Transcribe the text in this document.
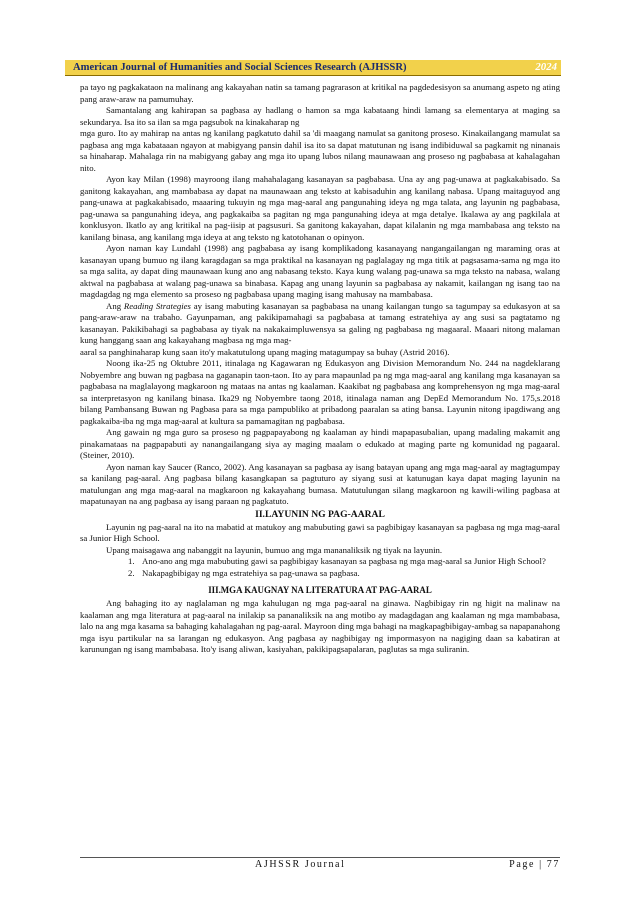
American Journal of Humanities and Social Sciences Research (AJHSSR)	2024

pa tayo ng pagkakataon na malinang ang kakayahan natin sa tamang pagrarason at kritikal na pagdedesisyon sa anumang aspeto ng ating pang araw-araw na pamumuhay.

Samantalang ang kahirapan sa pagbasa ay hadlang o hamon sa mga kabataang hindi lamang sa elementarya at maging sa sekundarya. Isa ito sa ilan sa mga pagsubok na kinakaharap ng

mga guro. Ito ay mahirap na antas ng kanilang pagkatuto dahil sa 'di maagang namulat sa ganitong proseso. Kinakailangang mamulat sa pagbasa ang mga kabataaan ngayon at mabigyang pansin dahil isa ito sa dapat matutunan ng isang indibiduwal sa pagkamit ng ninanais sa hinaharap. Mahalaga rin na mabigyang gabay ang mga ito upang lubos nilang maunawaan ang proseso ng pagbabasa at kahalagahan nito.

Ayon kay Milan (1998) mayroong ilang mahahalagang kasanayan sa pagbabasa. Una ay ang pag-unawa at pagkakabisado. Sa ganitong kakayahan, ang mambabasa ay dapat na maunawaan ang teksto at kabisaduhin ang kanilang nabasa. Upang maitaguyod ang pang-unawa at pagkakabisado, maaaring tukuyin ng mga mag-aaral ang pangunahing ideya ng mga talata, ang layunin ng pagbabasa, pag-unawa sa pangunahing ideya, ang pagkakaiba sa pagitan ng mga pangunahing ideya at mga detalye. Ikalawa ay ang pagkilala at konklusyon. Ikatlo ay ang kritikal na pag-iisip at pagsusuri. Sa ganitong kakayahan, dapat kilalanin ng mga mambabasa ang teksto na kanilang binasa, ang kanilang mga ideya at ang teksto ng katotohanan o opinyon.

Ayon naman kay Lundahl (1998) ang pagbabasa ay isang komplikadong kasanayang nangangailangan ng maraming oras at kasanayan upang bumuo ng ilang karagdagan sa mga praktikal na kasanayan ng paglalagay ng mga titik at pagsasama-sama ng mga ito sa mga salita, ay dapat ding maunawaan kung ano ang nabasang teksto. Kaya kung walang pag-unawa sa mga teksto na nabasa, walang aktwal na pagbabasa at walang pag-unawa sa binabasa. Kapag ang unang layunin sa pagbabasa ay nakamit, kailangan ng isang tao na magdagdag ng mga elemento sa proseso ng pagbabasa upang maging isang mahusay na mambabasa.

Ang Reading Strategies ay isang mabuting kasanayan sa pagbabasa na unang kailangan tungo sa tagumpay sa edukasyon at sa pang-araw-araw na trabaho. Gayunpaman, ang pakikipamahagi sa pagbabasa at tamang estratehiya ay ang susi sa pagtatamo ng kasanayan. Pakikibahagi sa pagbabasa ay tiyak na nakakaimpluwensya sa galing ng pagbabasa ng magaaral. Maaari nitong malaman kung hanggang saan ang kakayahang magbasa ng mga mag-

aaral sa panghinaharap kung saan ito'y makatutulong upang maging matagumpay sa buhay (Astrid 2016).

Noong ika-25 ng Oktubre 2011, itinalaga ng Kagawaran ng Edukasyon ang Division Memorandum No. 244 na nagdeklarang Nobyembre ang buwan ng pagbasa na gaganapin taon-taon. Ito ay para mapaunlad pa ng mga mag-aaral ang kanilang mga kasanayan sa pagbabasa na maglalayong magkaroon ng mataas na antas ng kaalaman. Kaakibat ng pagbabasa ang komprehensyon ng mga mag-aaral sa interpretasyon ng kanilang binasa. Ika29 ng Nobyembre taong 2018, itinalaga naman ang DepEd Memorandum No. 175,s.2018 bilang Pambansang Buwan ng Pagbasa para sa mga pampubliko at pribadong paaralan sa ating bansa. Layunin nitong ipagdiwang ang pagkakaiba-iba ng mga mag-aaral at kultura sa pamamagitan ng pagbabasa.

Ang gawain ng mga guro sa proseso ng pagpapayabong ng kaalaman ay hindi mapapasubalian, upang madaling makamit ang pinakamataas na pagpapabuti ay nanangailangang siya ay maging maalam o edukado at maging parte ng komunidad ng pagaaral. (Steiner, 2010).

Ayon naman kay Saucer (Ranco, 2002). Ang kasanayan sa pagbasa ay isang batayan upang ang mga mag-aaral ay magtagumpay sa kanilang pag-aaral. Ang pagbasa bilang kasangkapan sa pagtuturo ay siyang susi at katunugan kaya dapat maging layunin na matulungan ang mga mag-aaral na magkaroon ng kakayahang bumasa. Matutulungan silang magkaroon ng kawili-wiling pagbasa at mapatunayan na ang pagbasa ay isang paraan ng pagkatuto.

II.LAYUNIN NG PAG-AARAL

Layunin ng pag-aaral na ito na mabatid at matukoy ang mabubuting gawi sa pagbibigay kasanayan sa pagbasa ng mga mag-aaral sa Junior High School.

Upang maisagawa ang nabanggit na layunin, bumuo ang mga mananaliksik ng tiyak na layunin.

1. Ano-ano ang mga mabubuting gawi sa pagbibigay kasanayan sa pagbasa ng mga mag-aaral sa Junior High School?
2. Nakapagbibigay ng mga estratehiya sa pag-unawa sa pagbasa.
III.MGA KAUGNAY NA LITERATURA AT PAG-AARAL

Ang bahaging ito ay naglalaman ng mga kahulugan ng mga pag-aaral na ginawa. Nagbibigay rin ng higit na malinaw na kaalaman ang mga literatura at pag-aaral na inilakip sa pananaliksik na ang motibo ay madagdagan ang kaalaman ng mga mambabasa, lalo na ang mga kasama sa bahaging kahalagahan ng pag-aaral. Mayroon ding mga bahagi na magkapagbibigay-ambag sa napapanahong mga isyu partikular na sa larangan ng edukasyon. Ang pagbasa ay nagbibigay ng impormasyon na nagiging daan sa kabatiran at karunungan ng isang mambabasa. Ito'y isang aliwan, kasiyahan, pakikipagsapalaran, paglutas sa mga suliranin.

AJHSSR Journal	Page | 77
